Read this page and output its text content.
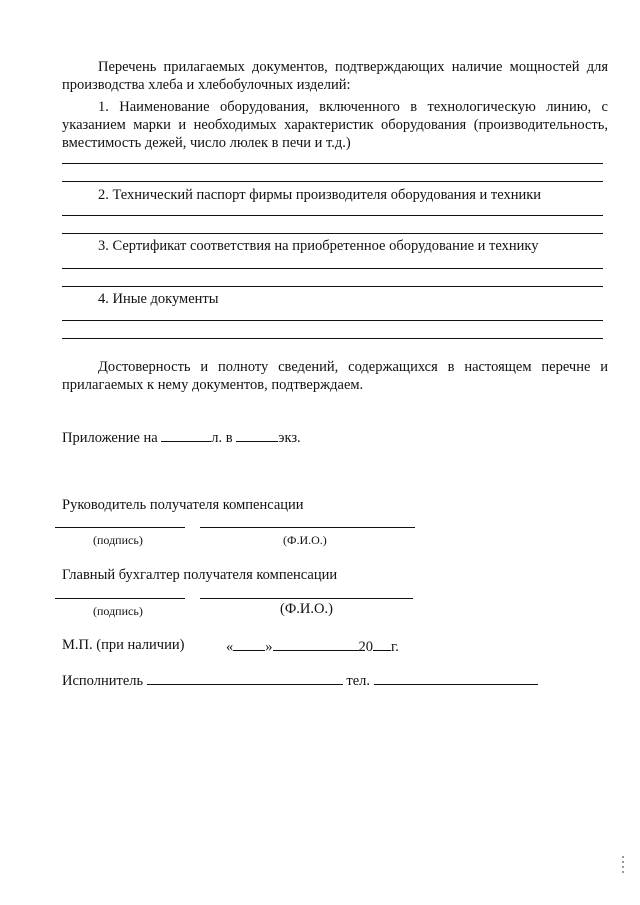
Перечень прилагаемых документов, подтверждающих наличие мощностей для
производства хлеба и хлебобулочных изделий:
1. Наименование оборудования, включенного в технологическую линию, с
указанием марки и необходимых характеристик оборудования (производительность,
вместимость дежей, число люлек в печи и т.д.)
2. Технический паспорт фирмы производителя оборудования и техники
3. Сертификат соответствия на приобретенное оборудование и технику
4. Иные документы
Достоверность и полноту сведений, содержащихся в настоящем перечне и
прилагаемых к нему документов, подтверждаем.
Приложение на	л. в	экз.
Руководитель получателя компенсации
(подпись)	(Ф.И.О.)
Главный бухгалтер получателя компенсации
(подпись)	(Ф.И.О.)
М.П. (при наличии)	« »	20 г.
Исполнитель	тел.
